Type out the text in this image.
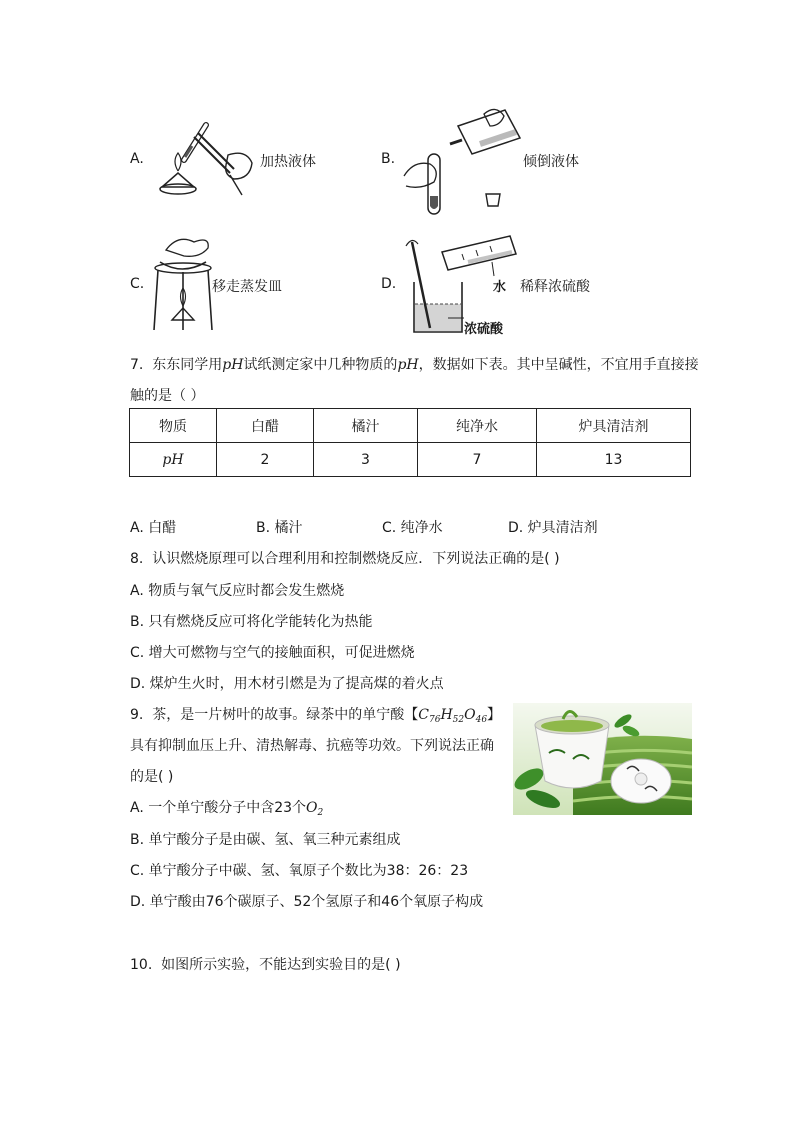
A.	加热液体	B.	倾倒液体
C.	移走蒸发皿	D.	水
浓硫酸
稀释浓硫酸
7. 东东同学用pH试纸测定家中几种物质的pH，数据如下表。其中呈碱性，不宜用手直接接
触的是（ ）
物质	白醋	橘汁	纯净水	炉具清洁剂
pH	2	3	7	13
A. 白醋	B. 橘汁	C. 纯净水	D. 炉具清洁剂
8. 认识燃烧原理可以合理利用和控制燃烧反应．下列说法正确的是( )
A. 物质与氧气反应时都会发生燃烧
B. 只有燃烧反应可将化学能转化为热能
C. 增大可燃物与空气的接触面积，可促进燃烧
D. 煤炉生火时，用木材引燃是为了提高煤的着火点
9. 茶，是一片树叶的故事。绿茶中的单宁酸【$C_{76}H_{52}O_{46}$】
具有抑制血压上升、清热解毒、抗癌等功效。下列说法正确
的是( )
A. 一个单宁酸分子中含23个$O_2$
B. 单宁酸分子是由碳、氢、氧三种元素组成
C. 单宁酸分子中碳、氢、氧原子个数比为38：26：23
D. 单宁酸由76个碳原子、52个氢原子和46个氧原子构成
10. 如图所示实验，不能达到实验目的是( )
